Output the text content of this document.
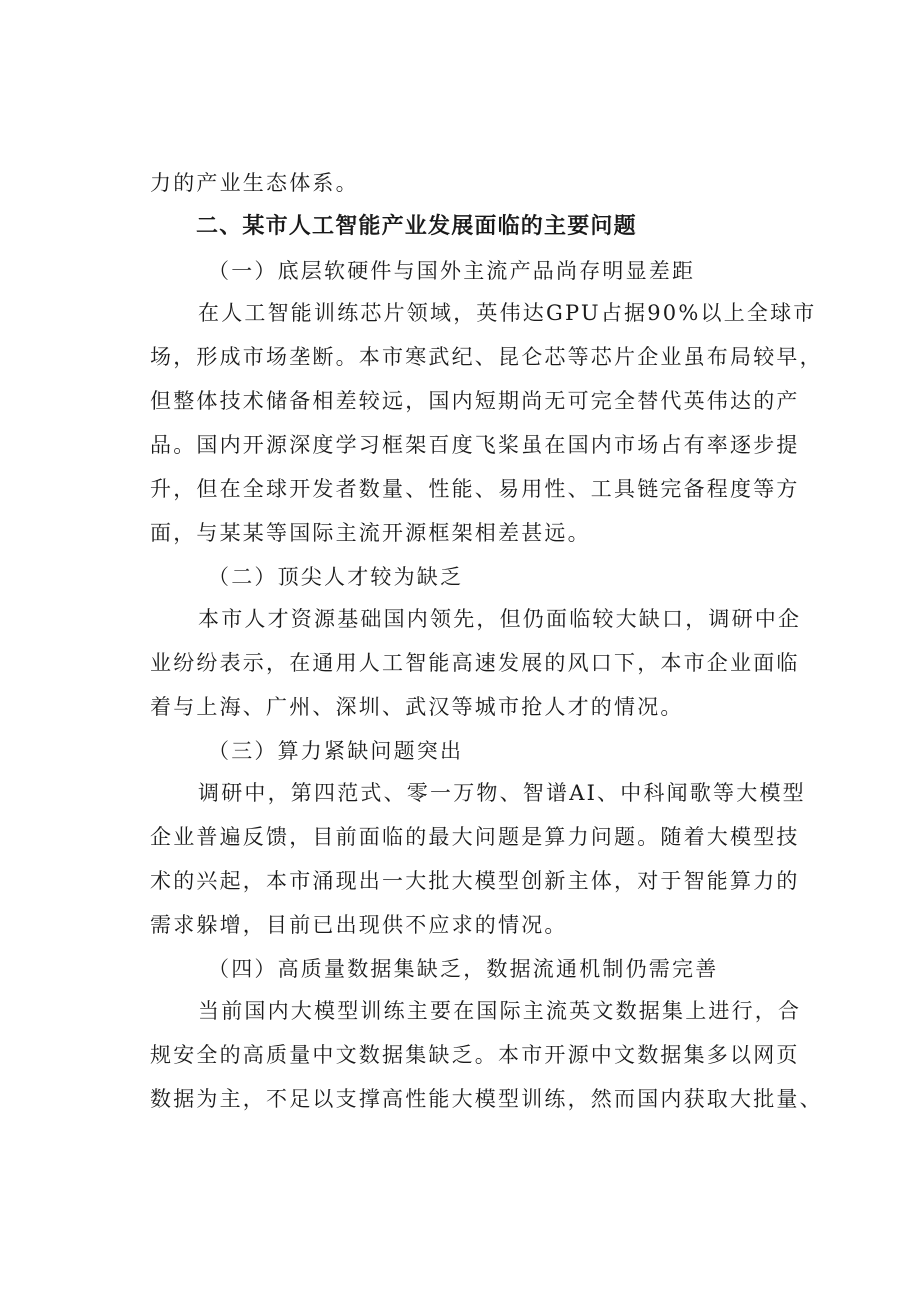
力的产业生态体系。
二、某市人工智能产业发展面临的主要问题
（一）底层软硬件与国外主流产品尚存明显差距
在人工智能训练芯片领域，英伟达GPU占据90%以上全球市
场，形成市场垄断。本市寒武纪、昆仑芯等芯片企业虽布局较早，
但整体技术储备相差较远，国内短期尚无可完全替代英伟达的产
品。国内开源深度学习框架百度飞桨虽在国内市场占有率逐步提
升，但在全球开发者数量、性能、易用性、工具链完备程度等方
面，与某某等国际主流开源框架相差甚远。
（二）顶尖人才较为缺乏
本市人才资源基础国内领先，但仍面临较大缺口，调研中企
业纷纷表示，在通用人工智能高速发展的风口下，本市企业面临
着与上海、广州、深圳、武汉等城市抢人才的情况。
（三）算力紧缺问题突出
调研中，第四范式、零一万物、智谱AI、中科闻歌等大模型
企业普遍反馈，目前面临的最大问题是算力问题。随着大模型技
术的兴起，本市涌现出一大批大模型创新主体，对于智能算力的
需求躲增，目前已出现供不应求的情况。
（四）高质量数据集缺乏，数据流通机制仍需完善
当前国内大模型训练主要在国际主流英文数据集上进行，合
规安全的高质量中文数据集缺乏。本市开源中文数据集多以网页
数据为主，不足以支撑高性能大模型训练，然而国内获取大批量、
